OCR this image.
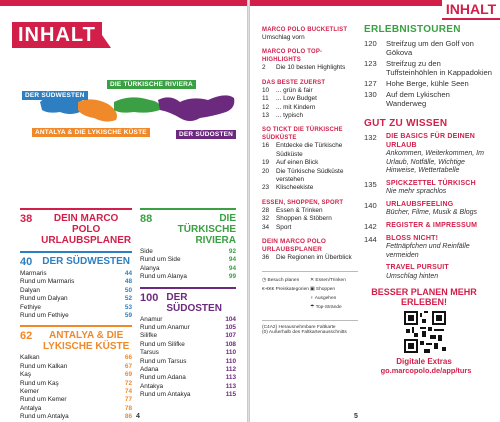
INHALT
DER SÜDWESTEN
DIE TÜRKISCHE RIVIERA
ANTALYA & DIE LYKISCHE KÜSTE	DER SÜDOSTEN
38	DEIN MARCO POLO URLAUBSPLANER
40 DER SÜDWESTEN
Marmaris	44
Rund um Marmaris	48
Dalyan	50
Rund um Dalyan	52
Fethiye	53
Rund um Fethiye	59
62	ANTALYA & DIE LYKISCHE KÜSTE
Kalkan	66
Rund um Kalkan	67
Kaş	69
Rund um Kaş	72
Kemer	74
Rund um Kemer	77
Antalya	78
Rund um Antalya	86
88	DIE TÜRKISCHE RIVIERA
Side	92
Rund um Side	94
Alanya	94
Rund um Alanya	99
100 DER SÜDOSTEN
Anamur	104
Rund um Anamur	105
Silifke	107
Rund um Silifke	108
Tarsus	110
Rund um Tarsus	110
Adana	112
Rund um Adana	113
Antakya	113
Rund um Antakya	115
4
INHALT
MARCO POLO BUCKETLIST
Umschlag vorn
MARCO POLO TOP-HIGHLIGHTS
2	Die 10 besten Highlights
DAS BESTE ZUERST
10	... grün & fair
11	... Low Budget
12	... mit Kindern
13	... typisch
SO TICKT DIE TÜRKISCHE SÜDKÜSTE
16	Entdecke die Türkische Südküste
19	Auf einen Blick
20	Die Türkische Südküste verstehen
23	Klischeekiste
ESSEN, SHOPPEN, SPORT
28	Essen & Trinken
32	Shoppen & Stöbern
34	Sport
DEIN MARCO POLO URLAUBSPLANER
36	Die Regionen im Überblick
◷ Besuch planen	✕ Essen/Trinken
€-€€€ Preiskategorien ▣ Shoppen
♆ Ausgehen
☂ Top-Strände
(C4A2) Herausnehmbare Faltkarte
(0) Außerhalb des Faltkartenausschnitts
ERLEBNISTOUREN
120	Streifzug um den Golf von Gökova
123	Streifzug zu den Tuffsteinhöhlen in Kappadokien
127	Hohe Berge, kühle Seen
130	Auf dem Lykischen Wanderweg
GUT ZU WISSEN
132	DIE BASICS FÜR DEINEN URLAUB
Ankommen, Weiterkommen, Im Urlaub, Notfälle, Wichtige Hinweise, Wettertabelle
135	SPICKZETTEL TÜRKISCH
Nie mehr sprachlos
140	URLAUBSFEELING
Bücher, Filme, Musik & Blogs
142	REGISTER & IMPRESSUM
144	BLOSS NICHT!
Fettnäpfchen und Reinfälle vermeiden
TRAVEL PURSUIT
Umschlag hinten
BESSER PLANEN MEHR ERLEBEN!
Digitale Extras
go.marcopolo.de/app/turs
5
